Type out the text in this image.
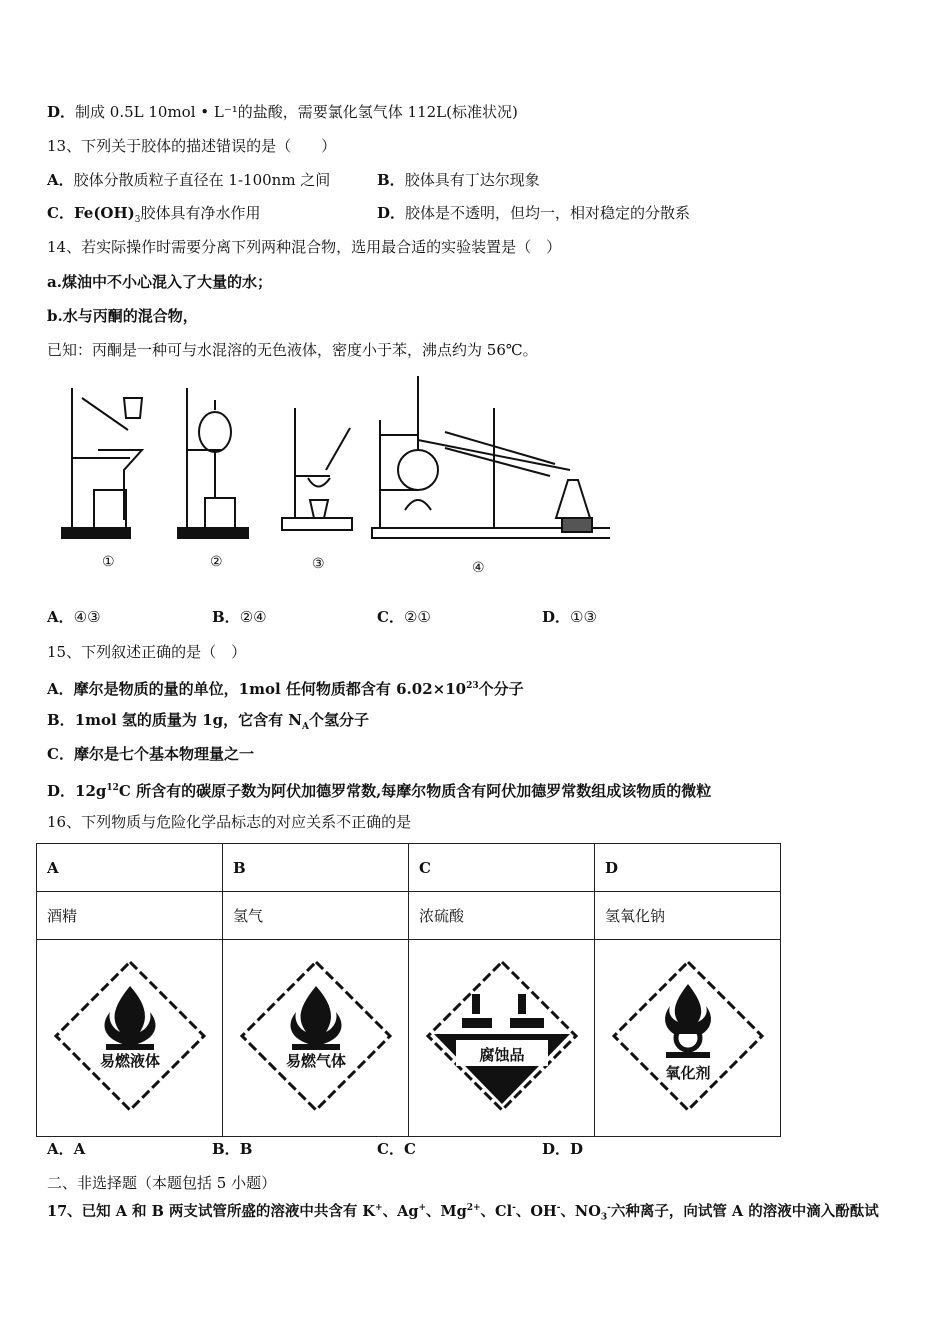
D．制成 0.5L 10mol • L⁻¹的盐酸，需要氯化氢气体 112L(标准状况)
13、下列关于胶体的描述错误的是（　　）
A．胶体分散质粒子直径在 1-100nm 之间	B．胶体具有丁达尔现象
C．$Fe(OH)_3$胶体具有净水作用	D．胶体是不透明，但均一，相对稳定的分散系
14、若实际操作时需要分离下列两种混合物，选用最合适的实验装置是（　）
a.煤油中不小心混入了大量的水；
b.水与丙酮的混合物，
已知：丙酮是一种可与水混溶的无色液体，密度小于苯，沸点约为 56℃。
①	②	③	④
A．④③	B．②④	C．②①	D．①③
15、下列叙述正确的是（　）
A．摩尔是物质的量的单位，1mol 任何物质都含有 $6.02\times 10^{23}$个分子
B．1mol 氢的质量为 1g，它含有 $N_A$个氢分子
C．摩尔是七个基本物理量之一
D．$12g^{12}C$ 所含有的碳原子数为阿伏加德罗常数,每摩尔物质含有阿伏加德罗常数组成该物质的微粒
16、下列物质与危险化学品标志的对应关系不正确的是
A	B	C	D
酒精	氢气	浓硫酸	氢氧化钠

易燃液体	易燃气体	腐蚀品	氧化剂
A．A	B．B	C．C	D．D
二、非选择题（本题包括 5 小题）
17、已知 A 和 B 两支试管所盛的溶液中共含有 K+、Ag+、$Mg^{2+}$、Cl-、OH-、$NO_3^-$六种离子，向试管 A 的溶液中滴入酚酞试
